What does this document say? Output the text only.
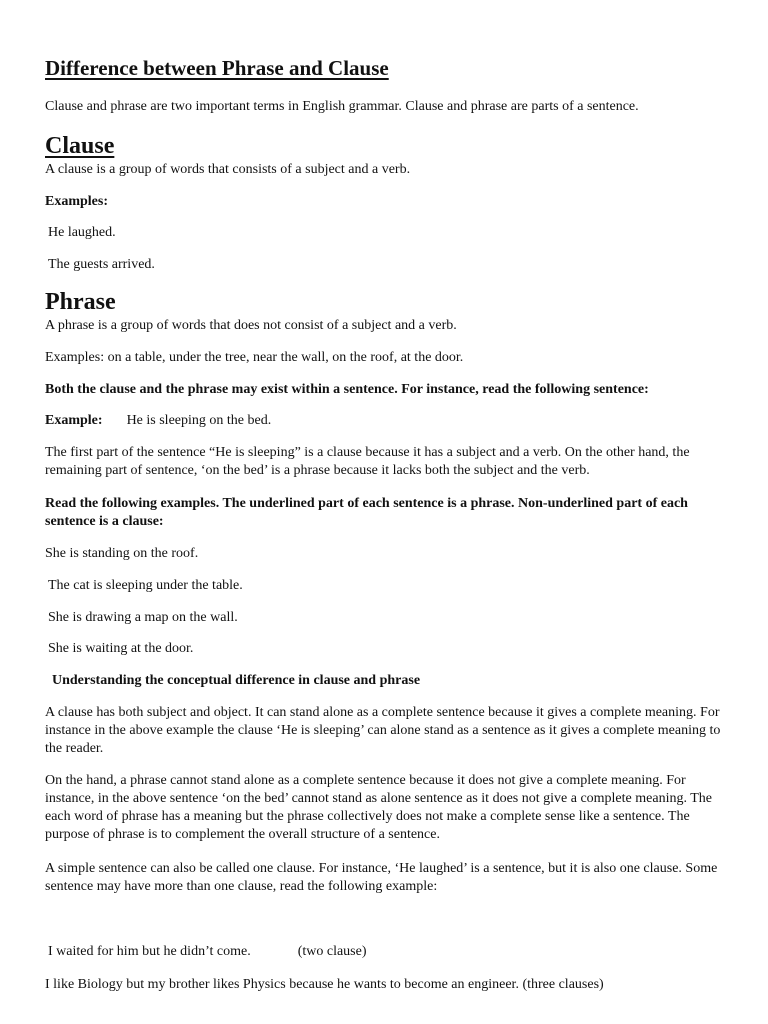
Difference between Phrase and Clause
Clause and phrase are two important terms in English grammar. Clause and phrase are parts of a sentence.
Clause
A clause is a group of words that consists of a subject and a verb.
Examples:
He laughed.
The guests arrived.
Phrase
A phrase is a group of words that does not consist of a subject and a verb.
Examples: on a table, under the tree, near the wall, on the roof, at the door.
Both the clause and the phrase may exist within a sentence. For instance, read the following sentence:
Example: He is sleeping on the bed.
The first part of the sentence “He is sleeping” is a clause because it has a subject and a verb. On the other hand, the
remaining part of sentence, ‘on the bed’ is a phrase because it lacks both the subject and the verb.
Read the following examples. The underlined part of each sentence is a phrase. Non-underlined part of each
sentence is a clause:
She is standing on the roof.
The cat is sleeping under the table.
She is drawing a map on the wall.
She is waiting at the door.
Understanding the conceptual difference in clause and phrase
A clause has both subject and object. It can stand alone as a complete sentence because it gives a complete meaning. For
instance in the above example the clause ‘He is sleeping’ can alone stand as a sentence as it gives a complete meaning to
the reader.
On the hand, a phrase cannot stand alone as a complete sentence because it does not give a complete meaning. For
instance, in the above sentence ‘on the bed’ cannot stand as alone sentence as it does not give a complete meaning. The
each word of phrase has a meaning but the phrase collectively does not make a complete sense like a sentence. The
purpose of phrase is to complement the overall structure of a sentence.
A simple sentence can also be called one clause. For instance, ‘He laughed’ is a sentence, but it is also one clause. Some
sentence may have more than one clause, read the following example:
I waited for him but he didn’t come.	(two clause)
I like Biology but my brother likes Physics because he wants to become an engineer. (three clauses)
